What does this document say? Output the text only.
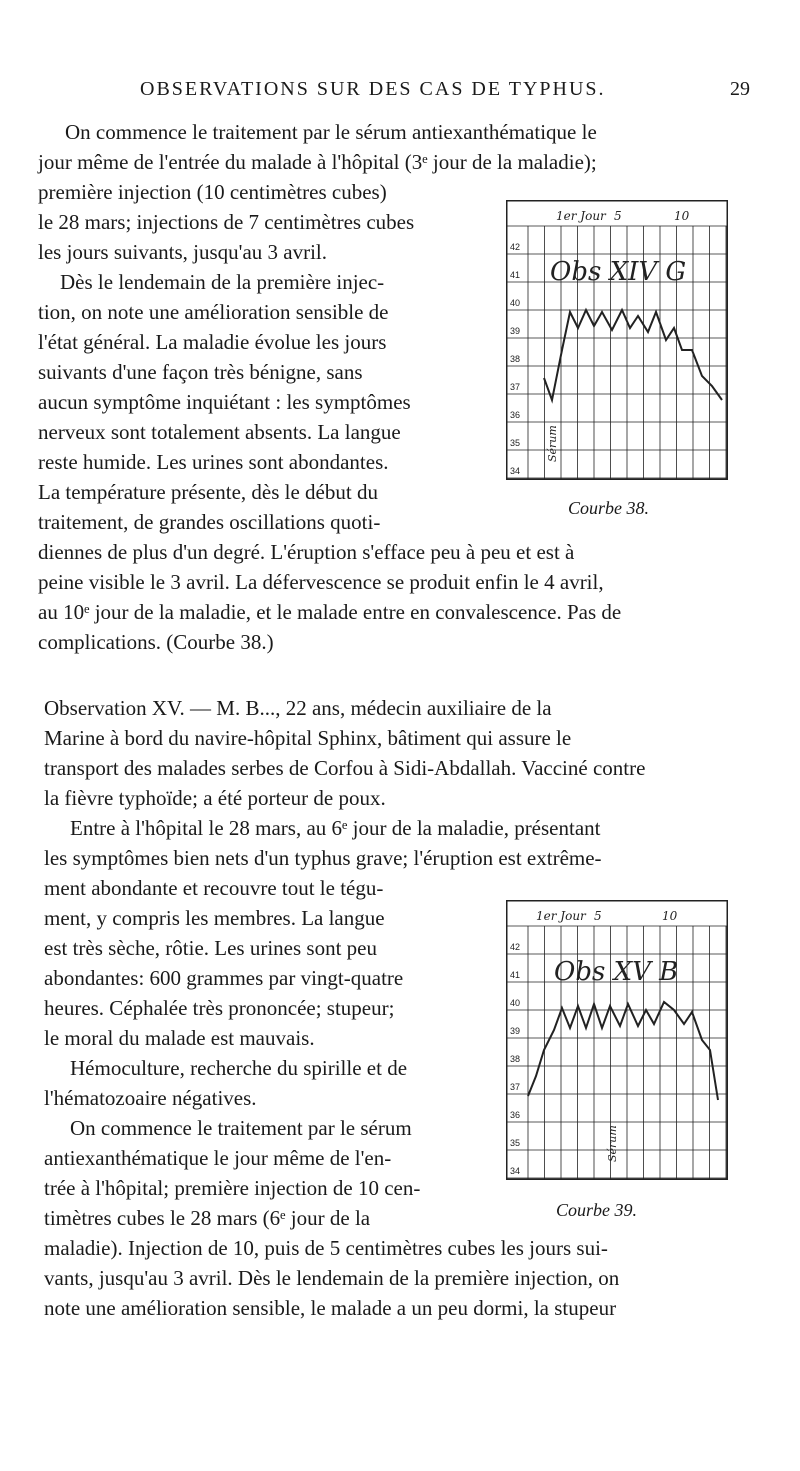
OBSERVATIONS SUR DES CAS DE TYPHUS.	29
On commence le traitement par le sérum antiexanthématique le
jour même de l'entrée du malade à l'hôpital (3ᵉ jour de la maladie);
première injection (10 centimètres cubes)
le 28 mars; injections de 7 centimètres cubes
les jours suivants, jusqu'au 3 avril.
Dès le lendemain de la première injec-
tion, on note une amélioration sensible de
l'état général. La maladie évolue les jours
suivants d'une façon très bénigne, sans
aucun symptôme inquiétant : les symptômes
nerveux sont totalement absents. La langue
reste humide. Les urines sont abondantes.
La température présente, dès le début du
traitement, de grandes oscillations quoti-
diennes de plus d'un degré. L'éruption s'efface peu à peu et est à
peine visible le 3 avril. La défervescence se produit enfin le 4 avril,
au 10ᵉ jour de la maladie, et le malade entre en convalescence. Pas de
complications. (Courbe 38.)
Observation XV. — M. B..., 22 ans, médecin auxiliaire de la
Marine à bord du navire-hôpital Sphinx, bâtiment qui assure le
transport des malades serbes de Corfou à Sidi-Abdallah. Vacciné contre
la fièvre typhoïde; a été porteur de poux.
Entre à l'hôpital le 28 mars, au 6ᵉ jour de la maladie, présentant
les symptômes bien nets d'un typhus grave; l'éruption est extrême-
ment abondante et recouvre tout le tégu-
ment, y compris les membres. La langue
est très sèche, rôtie. Les urines sont peu
abondantes: 600 grammes par vingt-quatre
heures. Céphalée très prononcée; stupeur;
le moral du malade est mauvais.
Hémoculture, recherche du spirille et de
l'hématozoaire négatives.
On commence le traitement par le sérum
antiexanthématique le jour même de l'en-
trée à l'hôpital; première injection de 10 cen-
timètres cubes le 28 mars (6ᵉ jour de la
maladie). Injection de 10, puis de 5 centimètres cubes les jours sui-
vants, jusqu'au 3 avril. Dès le lendemain de la première injection, on
note une amélioration sensible, le malade a un peu dormi, la stupeur
42
41
40
39
38
37
36
35
34
1er Jour 5	10
Obs XIV G
Sérum
Courbe 38.
42
41
40
39
38
37
36
35
34
1er Jour 5	10
Obs XV B
Sérum
Courbe 39.
